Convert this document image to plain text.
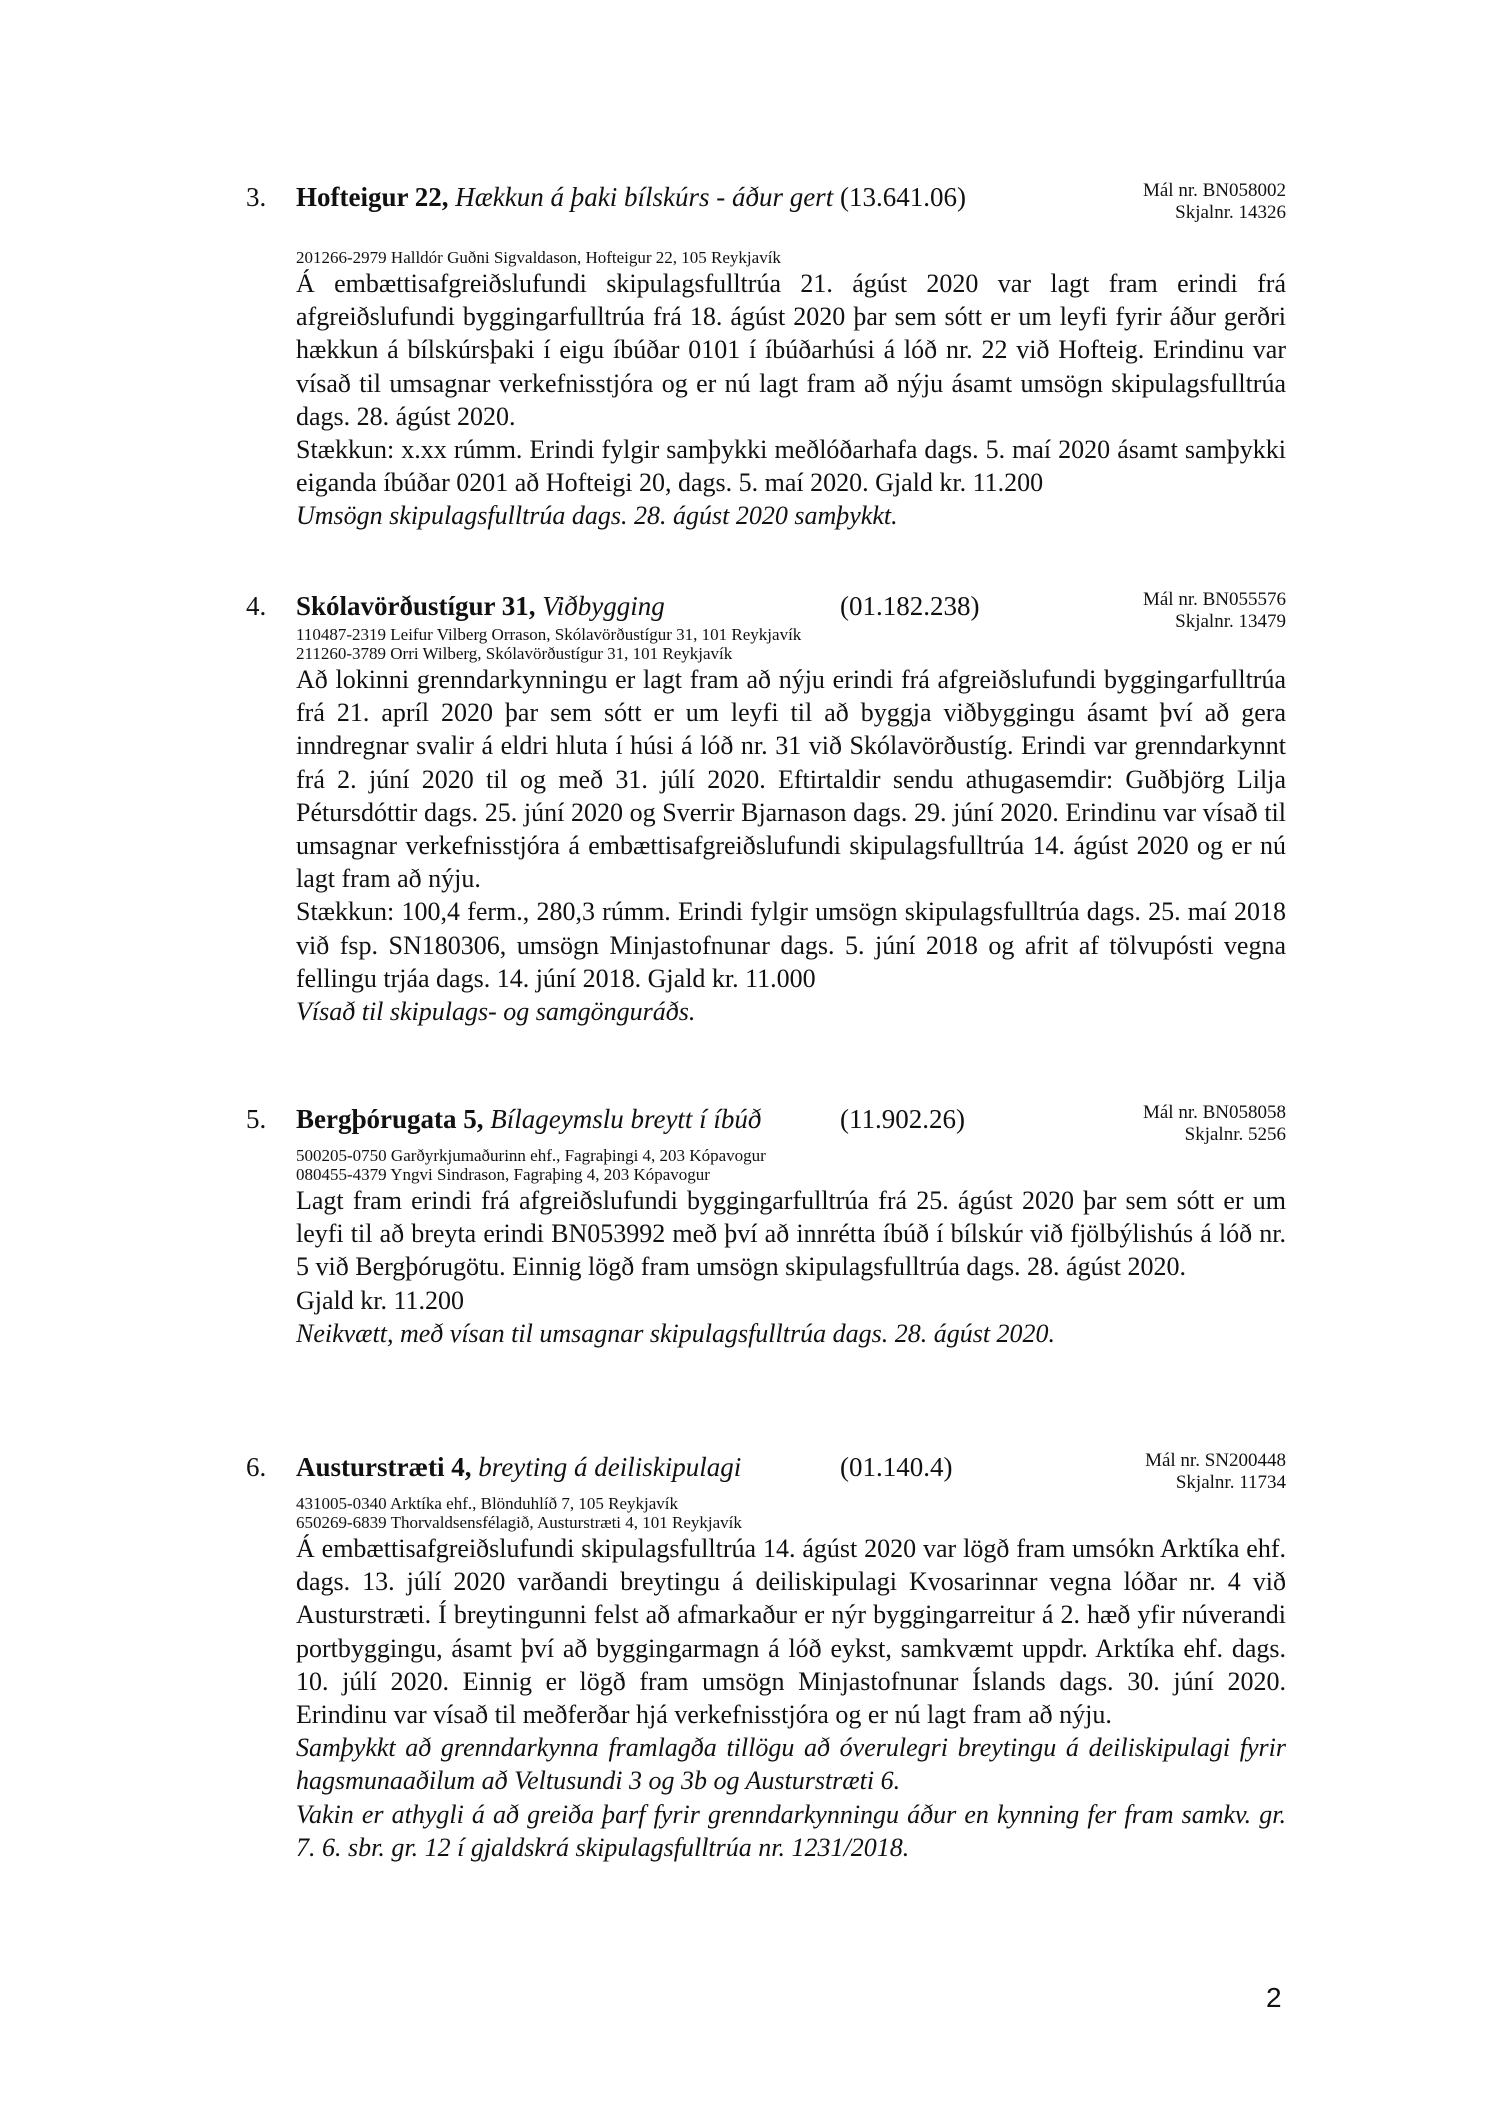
3. Hofteigur 22, Hækkun á þaki bílskúrs - áður gert (13.641.06)	Mál nr. BN058002
Skjalnr. 14326
201266-2979 Halldór Guðni Sigvaldason, Hofteigur 22, 105 Reykjavík

Á embættisafgreiðslufundi skipulagsfulltrúa 21. ágúst 2020 var lagt fram erindi frá afgreiðslufundi byggingarfulltrúa frá 18. ágúst 2020 þar sem sótt er um leyfi fyrir áður gerðri hækkun á bílskúrsþaki í eigu íbúðar 0101 í íbúðarhúsi á lóð nr. 22 við Hofteig. Erindinu var vísað til umsagnar verkefnisstjóra og er nú lagt fram að nýju ásamt umsögn skipulagsfulltrúa dags. 28. ágúst 2020.

Stækkun: x.xx rúmm. Erindi fylgir samþykki meðlóðarhafa dags. 5. maí 2020 ásamt samþykki eiganda íbúðar 0201 að Hofteigi 20, dags. 5. maí 2020. Gjald kr. 11.200

Umsögn skipulagsfulltrúa dags. 28. ágúst 2020 samþykkt.

4. Skólavörðustígur 31, Viðbygging	(01.182.238)	Mál nr. BN055576
Skjalnr. 13479
110487-2319 Leifur Vilberg Orrason, Skólavörðustígur 31, 101 Reykjavík
211260-3789 Orri Wilberg, Skólavörðustígur 31, 101 Reykjavík

Að lokinni grenndarkynningu er lagt fram að nýju erindi frá afgreiðslufundi byggingarfulltrúa frá 21. apríl 2020 þar sem sótt er um leyfi til að byggja viðbyggingu ásamt því að gera inndregnar svalir á eldri hluta í húsi á lóð nr. 31 við Skólavörðustíg. Erindi var grenndarkynnt frá 2. júní 2020 til og með 31. júlí 2020. Eftirtaldir sendu athugasemdir: Guðbjörg Lilja Pétursdóttir dags. 25. júní 2020 og Sverrir Bjarnason dags. 29. júní 2020. Erindinu var vísað til umsagnar verkefnisstjóra á embættisafgreiðslufundi skipulagsfulltrúa 14. ágúst 2020 og er nú lagt fram að nýju.

Stækkun: 100,4 ferm., 280,3 rúmm. Erindi fylgir umsögn skipulagsfulltrúa dags. 25. maí 2018 við fsp. SN180306, umsögn Minjastofnunar dags. 5. júní 2018 og afrit af tölvupósti vegna fellingu trjáa dags. 14. júní 2018. Gjald kr. 11.000

Vísað til skipulags- og samgönguráðs.

5. Bergþórugata 5, Bílageymslu breytt í íbúð	(11.902.26)	Mál nr. BN058058
Skjalnr. 5256
500205-0750 Garðyrkjumaðurinn ehf., Fagraþingi 4, 203 Kópavogur
080455-4379 Yngvi Sindrason, Fagraþing 4, 203 Kópavogur

Lagt fram erindi frá afgreiðslufundi byggingarfulltrúa frá 25. ágúst 2020 þar sem sótt er um leyfi til að breyta erindi BN053992 með því að innrétta íbúð í bílskúr við fjölbýlishús á lóð nr. 5 við Bergþórugötu. Einnig lögð fram umsögn skipulagsfulltrúa dags. 28. ágúst 2020.

Gjald kr. 11.200

Neikvætt, með vísan til umsagnar skipulagsfulltrúa dags. 28. ágúst 2020.

6. Austurstræti 4, breyting á deiliskipulagi	(01.140.4)	Mál nr. SN200448
Skjalnr. 11734
431005-0340 Arktíka ehf., Blönduhlíð 7, 105 Reykjavík
650269-6839 Thorvaldsensfélagið, Austurstræti 4, 101 Reykjavík

Á embættisafgreiðslufundi skipulagsfulltrúa 14. ágúst 2020 var lögð fram umsókn Arktíka ehf. dags. 13. júlí 2020 varðandi breytingu á deiliskipulagi Kvosarinnar vegna lóðar nr. 4 við Austurstræti. Í breytingunni felst að afmarkaður er nýr byggingarreitur á 2. hæð yfir núverandi portbyggingu, ásamt því að byggingarmagn á lóð eykst, samkvæmt uppdr. Arktíka ehf. dags. 10. júlí 2020. Einnig er lögð fram umsögn Minjastofnunar Íslands dags. 30. júní 2020. Erindinu var vísað til meðferðar hjá verkefnisstjóra og er nú lagt fram að nýju.

Samþykkt að grenndarkynna framlagða tillögu að óverulegri breytingu á deiliskipulagi fyrir hagsmunaaðilum að Veltusundi 3 og 3b og Austurstræti 6.

Vakin er athygli á að greiða þarf fyrir grenndarkynningu áður en kynning fer fram samkv. gr. 7. 6. sbr. gr. 12 í gjaldskrá skipulagsfulltrúa nr. 1231/2018.

2
